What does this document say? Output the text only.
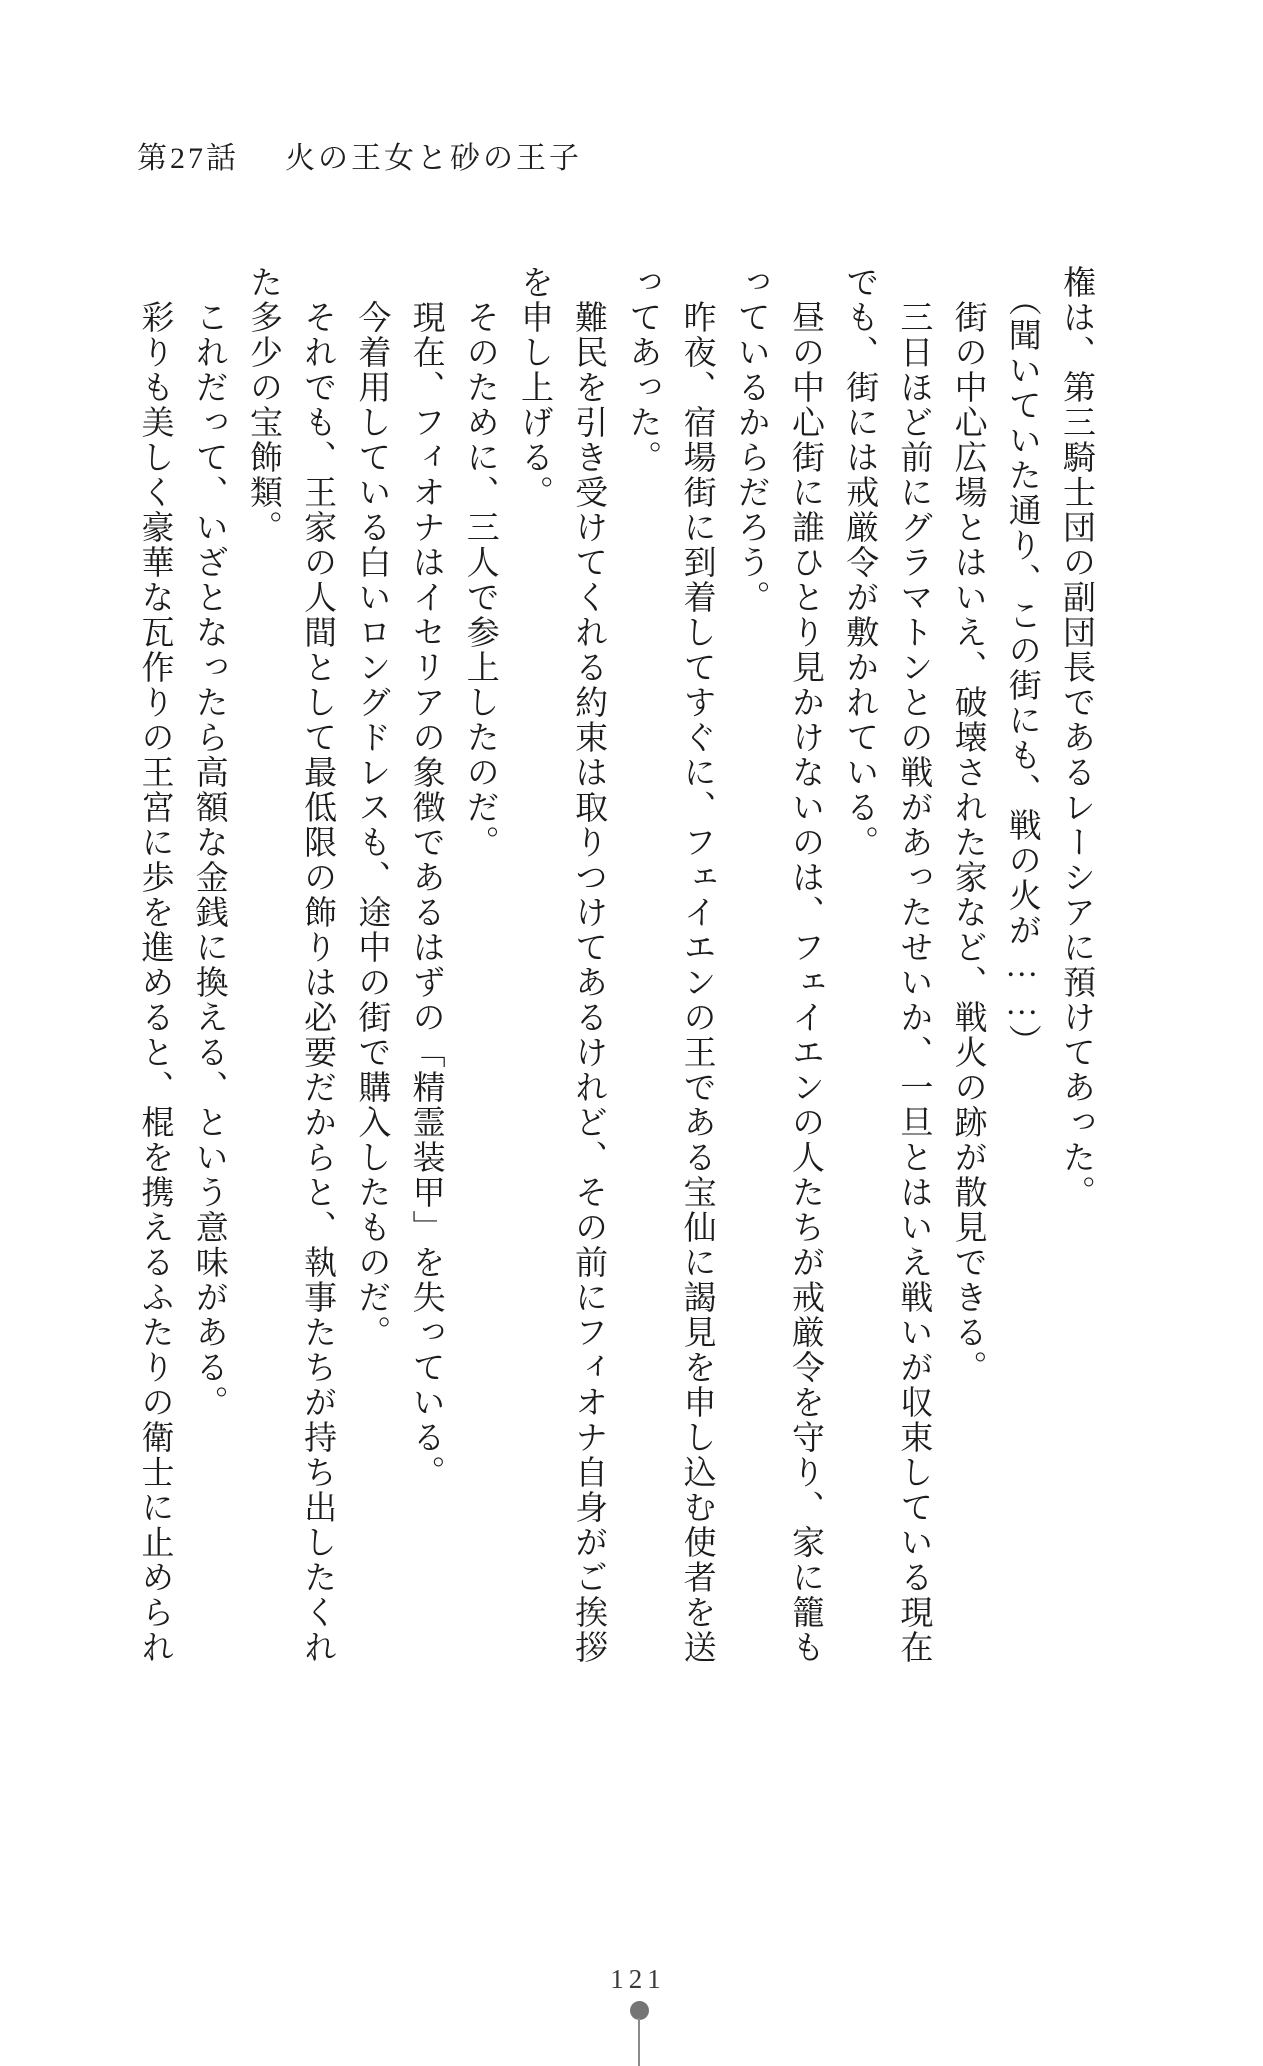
第27話 火の王女と砂の王子
権は、第三騎士団の副団長であるレーシアに預けてあった。
（聞いていた通り、この街にも、戦の火が……）
街の中心広場とはいえ、破壊された家など、戦火の跡が散見できる。
三日ほど前にグラマトンとの戦があったせいか、一旦とはいえ戦いが収束している現在
でも、街には戒厳令が敷かれている。
昼の中心街に誰ひとり見かけないのは、フェイエンの人たちが戒厳令を守り、家に籠も
っているからだろう。
昨夜、宿場街に到着してすぐに、フェイエンの王である宝仙に謁見を申し込む使者を送
ってあった。
難民を引き受けてくれる約束は取りつけてあるけれど、その前にフィオナ自身がご挨拶
を申し上げる。
そのために、三人で参上したのだ。
現在、フィオナはイセリアの象徴であるはずの「精霊装甲」を失っている。
今着用している白いロングドレスも、途中の街で購入したものだ。
それでも、王家の人間として最低限の飾りは必要だからと、執事たちが持ち出したくれ
た多少の宝飾類。
これだって、いざとなったら高額な金銭に換える、という意味がある。
彩りも美しく豪華な瓦作りの王宮に歩を進めると、棍を携えるふたりの衛士に止められ
121
